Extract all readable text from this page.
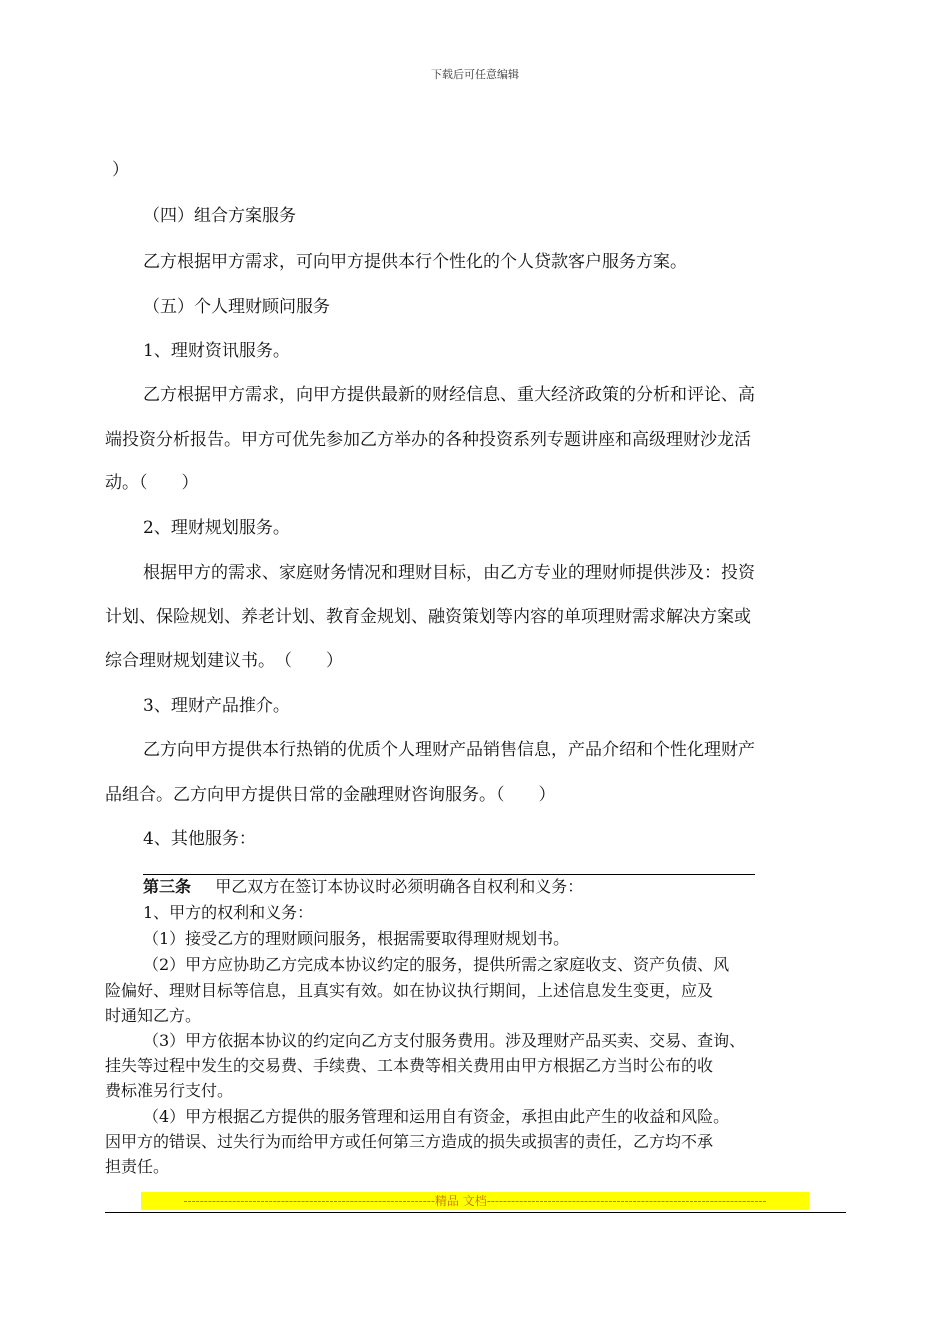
下载后可任意编辑
）
（四）组合方案服务
乙方根据甲方需求，可向甲方提供本行个性化的个人贷款客户服务方案。
（五）个人理财顾问服务
1、理财资讯服务。
乙方根据甲方需求，向甲方提供最新的财经信息、重大经济政策的分析和评论、高
端投资分析报告。甲方可优先参加乙方举办的各种投资系列专题讲座和高级理财沙龙活
动。（　　）
2、理财规划服务。
根据甲方的需求、家庭财务情况和理财目标，由乙方专业的理财师提供涉及：投资
计划、保险规划、养老计划、教育金规划、融资策划等内容的单项理财需求解决方案或
综合理财规划建议书。　（　　）
3、理财产品推介。
乙方向甲方提供本行热销的优质个人理财产品销售信息，产品介绍和个性化理财产
品组合。乙方向甲方提供日常的金融理财咨询服务。（　　）
4、其他服务：
第三条 甲乙双方在签订本协议时必须明确各自权利和义务：
1、甲方的权利和义务：
（1）接受乙方的理财顾问服务，根据需要取得理财规划书。
（2）甲方应协助乙方完成本协议约定的服务，提供所需之家庭收支、资产负债、风
险偏好、理财目标等信息，且真实有效。如在协议执行期间，上述信息发生变更，应及
时通知乙方。
（3）甲方依据本协议的约定向乙方支付服务费用。涉及理财产品买卖、交易、查询、
挂失等过程中发生的交易费、手续费、工本费等相关费用由甲方根据乙方当时公布的收
费标准另行支付。
（4）甲方根据乙方提供的服务管理和运用自有资金，承担由此产生的收益和风险。
因甲方的错误、过失行为而给甲方或任何第三方造成的损失或损害的责任，乙方均不承
担责任。
--------------------------------------------------------------精品 文档---------------------------------------------------------------------
